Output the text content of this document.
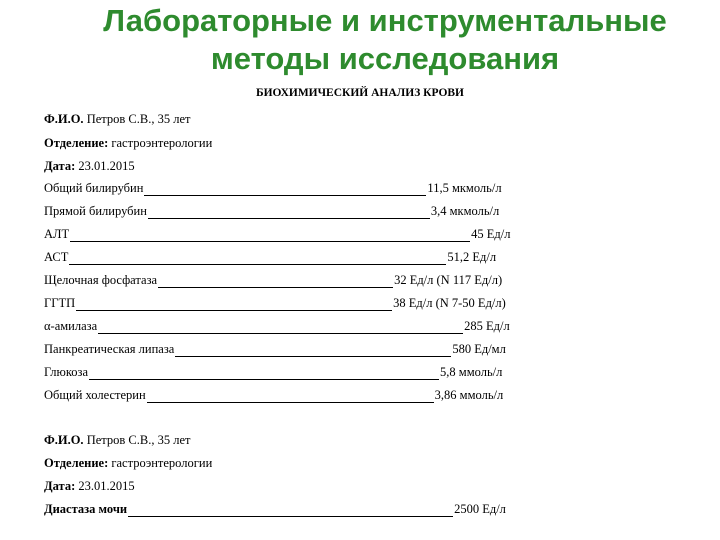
Лабораторные и инструментальные
методы исследования
БИОХИМИЧЕСКИЙ АНАЛИЗ КРОВИ
Ф.И.О. Петров С.В., 35 лет
Отделение: гастроэнтерологии
Дата: 23.01.2015
Общий билирубин	11,5 мкмоль/л
Прямой билирубин	3,4 мкмоль/л
АЛТ	45 Ед/л
АСТ	51,2 Ед/л
Щелочная фосфатаза	32 Ед/л (N 117 Ед/л)
ГГТП	38 Ед/л (N 7-50 Ед/л)
α-амилаза	285 Ед/л
Панкреатическая липаза	580 Ед/мл
Глюкоза	5,8 ммоль/л
Общий холестерин	3,86 ммоль/л
Ф.И.О. Петров С.В., 35 лет
Отделение: гастроэнтерологии
Дата: 23.01.2015
Диастаза мочи	2500 Ед/л
